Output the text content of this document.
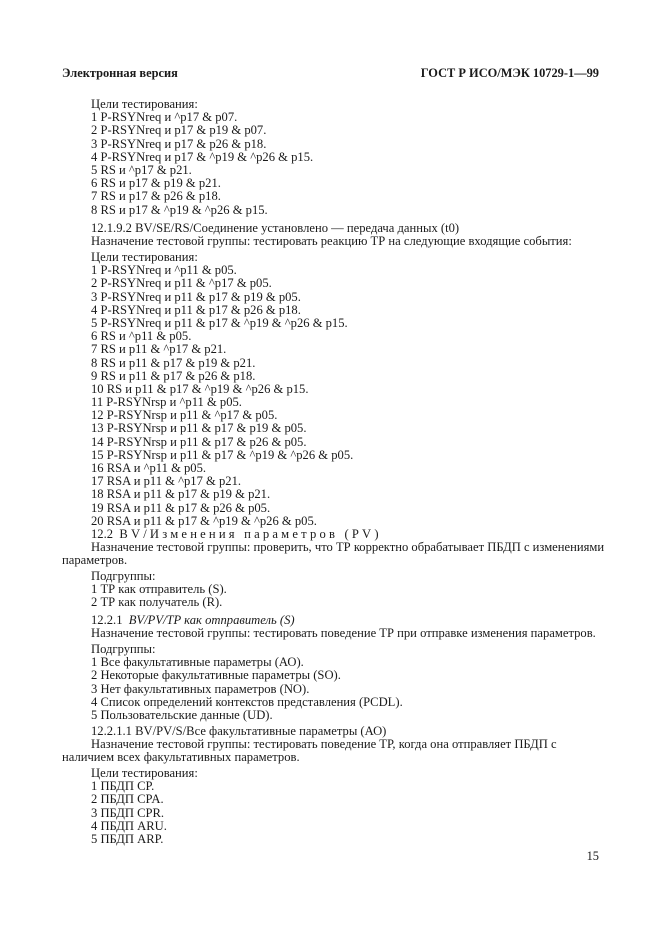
Электронная версия	ГОСТ Р ИСО/МЭК 10729-1—99
Цели тестирования:
1 P-RSYNreq и ^p17 & p07.
2 P-RSYNreq и p17 & p19 & p07.
3 P-RSYNreq и p17 & p26 & p18.
4 P-RSYNreq и p17 & ^p19 & ^p26 & p15.
5 RS и ^p17 & p21.
6 RS и p17 & p19 & p21.
7 RS и p17 & p26 & p18.
8 RS и p17 & ^p19 & ^p26 & p15.
12.1.9.2 BV/SE/RS/Соединение установлено — передача данных (t0)
Назначение тестовой группы: тестировать реакцию ТР на следующие входящие события:
Цели тестирования:
1 P-RSYNreq и ^p11 & p05.
2 P-RSYNreq и p11 & ^p17 & p05.
3 P-RSYNreq и p11 & p17 & p19 & p05.
4 P-RSYNreq и p11 & p17 & p26 & p18.
5 P-RSYNreq и p11 & p17 & ^p19 & ^p26 & p15.
6 RS и ^p11 & p05.
7 RS и p11 & ^p17 & p21.
8 RS и p11 & p17 & p19 & p21.
9 RS и p11 & p17 & p26 & p18.
10 RS и p11 & p17 & ^p19 & ^p26 & p15.
11 P-RSYNrsp и ^p11 & p05.
12 P-RSYNrsp и p11 & ^p17 & p05.
13 P-RSYNrsp и p11 & p17 & p19 & p05.
14 P-RSYNrsp и p11 & p17 & p26 & p05.
15 P-RSYNrsp и p11 & p17 & ^p19 & ^p26 & p05.
16 RSA и ^p11 & p05.
17 RSA и p11 & ^p17 & p21.
18 RSA и p11 & p17 & p19 & p21.
19 RSA и p11 & p17 & p26 & p05.
20 RSA и p11 & p17 & ^p19 & ^p26 & p05.
12.2 BV/Изменения параметров (PV)
Назначение тестовой группы: проверить, что ТР корректно обрабатывает ПБДП с изменениями
параметров.
Подгруппы:
1 ТР как отправитель (S).
2 ТР как получатель (R).
12.2.1 BV/PV/TP как отправитель (S)
Назначение тестовой группы: тестировать поведение ТР при отправке изменения параметров.
Подгруппы:
1 Все факультативные параметры (АО).
2 Некоторые факультативные параметры (SO).
3 Нет факультативных параметров (NO).
4 Список определений контекстов представления (PCDL).
5 Пользовательские данные (UD).
12.2.1.1 BV/PV/S/Все факультативные параметры (АО)
Назначение тестовой группы: тестировать поведение ТР, когда она отправляет ПБДП с
наличием всех факультативных параметров.
Цели тестирования:
1 ПБДП CP.
2 ПБДП CPA.
3 ПБДП CPR.
4 ПБДП ARU.
5 ПБДП ARP.
15
